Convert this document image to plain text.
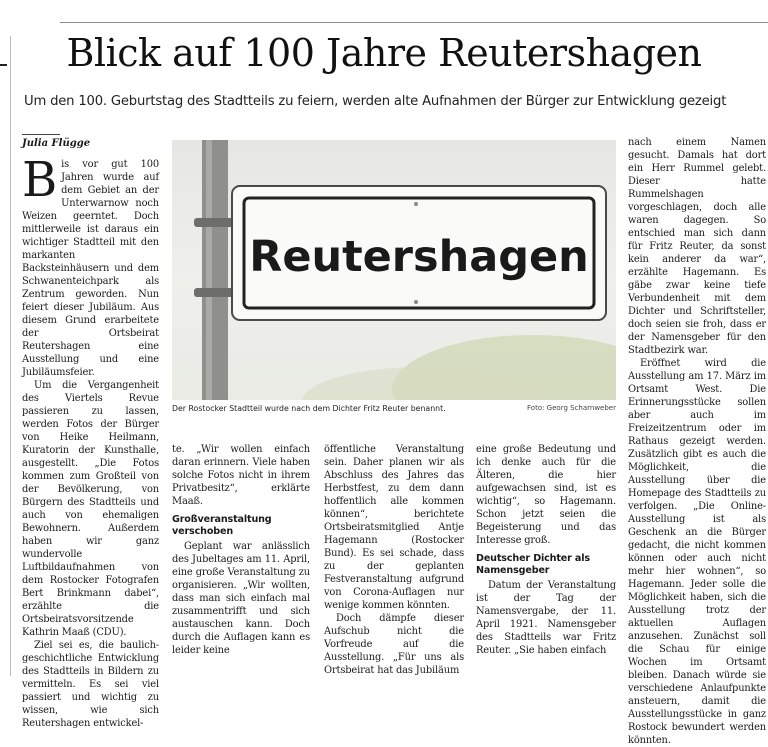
Blick auf 100 Jahre Reutershagen
Um den 100. Geburtstag des Stadtteils zu feiern, werden alte Aufnahmen der Bürger zur Entwicklung gezeigt
Julia Flügge
B is vor gut 100 Jahren wurde auf dem Gebiet an der Unterwarnow noch Weizen geerntet. Doch mittlerweile ist daraus ein wichtiger Stadtteil mit den markanten Backsteinhäusern und dem Schwanenteichpark als Zentrum geworden. Nun feiert dieser Jubiläum. Aus diesem Grund erarbeitete der Ortsbeirat Reutershagen eine Ausstellung und eine Jubiläumsfeier.

Um die Vergangenheit des Viertels Revue passieren zu lassen, werden Fotos der Bürger von Heike Heilmann, Kuratorin der Kunsthalle, ausgestellt. „Die Fotos kommen zum Großteil von der Bevölkerung, von Bürgern des Stadtteils und auch von ehemaligen Bewohnern. Außerdem haben wir ganz wundervolle Luftbildaufnahmen von dem Rostocker Fotografen Bert Brinkmann dabei“, erzählte die Ortsbeiratsvorsitzende Kathrin Maaß (CDU).

Ziel sei es, die baulich-geschichtliche Entwicklung des Stadtteils in Bildern zu vermitteln. Es sei viel passiert und wichtig zu wissen, wie sich Reutershagen entwickel-

Reutershagen
Der Rostocker Stadtteil wurde nach dem Dichter Fritz Reuter benannt.	Foto: Georg Scharnweber

te. „Wir wollen einfach daran erinnern. Viele haben solche Fotos nicht in ihrem Privatbesitz“, erklärte Maaß.

Großveranstaltung verschoben

Geplant war anlässlich des Jubeltages am 11. April, eine große Veranstaltung zu organisieren. „Wir wollten, dass man sich einfach mal zusammentrifft und sich austauschen kann. Doch durch die Auflagen kann es leider keine

öffentliche Veranstaltung sein. Daher planen wir als Abschluss des Jahres das Herbstfest, zu dem dann hoffentlich alle kommen können“, berichtete Ortsbeiratsmitglied Antje Hagemann (Rostocker Bund). Es sei schade, dass zu der geplanten Festveranstaltung aufgrund von Corona-Auflagen nur wenige kommen könnten.

Doch dämpfe dieser Aufschub nicht die Vorfreude auf die Ausstellung. „Für uns als Ortsbeirat hat das Jubiläum

eine große Bedeutung und ich denke auch für die Älteren, die hier aufgewachsen sind, ist es wichtig“, so Hagemann. Schon jetzt seien die Begeisterung und das Interesse groß.

Deutscher Dichter als Namensgeber

Datum der Veranstaltung ist der Tag der Namensvergabe, der 11. April 1921. Namensgeber des Stadtteils war Fritz Reuter. „Sie haben einfach

nach einem Namen gesucht. Damals hat dort ein Herr Rummel gelebt. Dieser hatte Rummelshagen vorgeschlagen, doch alle waren dagegen. So entschied man sich dann für Fritz Reuter, da sonst kein anderer da war“, erzählte Hagemann. Es gäbe zwar keine tiefe Verbundenheit mit dem Dichter und Schriftsteller, doch seien sie froh, dass er der Namensgeber für den Stadtbezirk war.

Eröffnet wird die Ausstellung am 17. März im Ortsamt West. Die Erinnerungsstücke sollen aber auch im Freizeitzentrum oder im Rathaus gezeigt werden. Zusätzlich gibt es auch die Möglichkeit, die Ausstellung über die Homepage des Stadtteils zu verfolgen. „Die Online-Ausstellung ist als Geschenk an die Bürger gedacht, die nicht kommen können oder auch nicht mehr hier wohnen“, so Hagemann. Jeder solle die Möglichkeit haben, sich die Ausstellung trotz der aktuellen Auflagen anzusehen. Zunächst soll die Schau für einige Wochen im Ortsamt bleiben. Danach würde sie verschiedene Anlaufpunkte ansteuern, damit die Ausstellungsstücke in ganz Rostock bewundert werden könnten.
